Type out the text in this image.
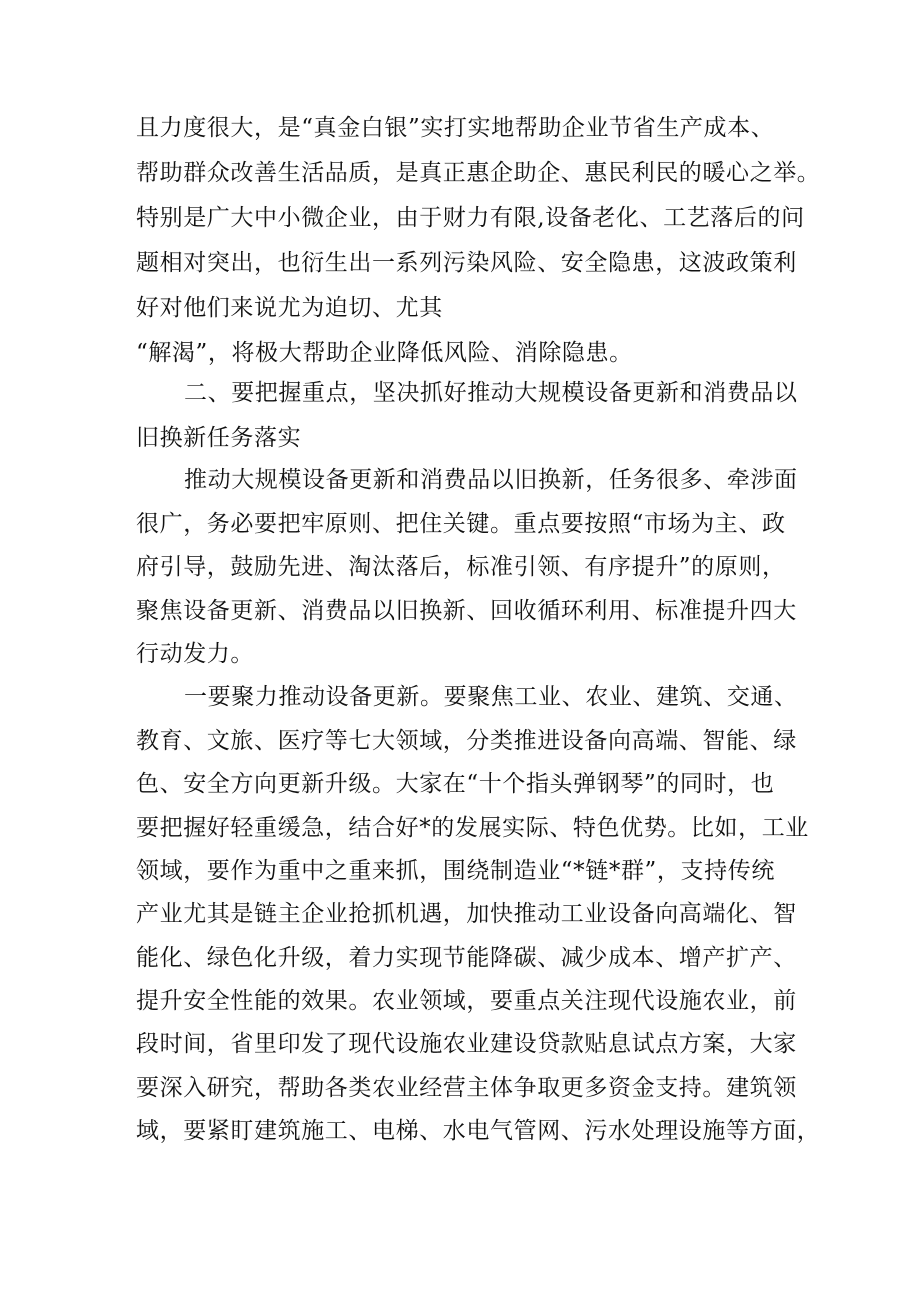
且力度很大，是“真金白银”实打实地帮助企业节省生产成本、

帮助群众改善生活品质，是真正惠企助企、惠民利民的暖心之举。

特别是广大中小微企业，由于财力有限,设备老化、工艺落后的问

题相对突出，也衍生出一系列污染风险、安全隐患，这波政策利

好对他们来说尤为迫切、尤其

“解渴”，将极大帮助企业降低风险、消除隐患。

二、要把握重点，坚决抓好推动大规模设备更新和消费品以

旧换新任务落实

推动大规模设备更新和消费品以旧换新，任务很多、牵涉面

很广，务必要把牢原则、把住关键。重点要按照“市场为主、政

府引导，鼓励先进、淘汰落后，标准引领、有序提升”的原则，

聚焦设备更新、消费品以旧换新、回收循环利用、标准提升四大

行动发力。

一要聚力推动设备更新。要聚焦工业、农业、建筑、交通、

教育、文旅、医疗等七大领域，分类推进设备向高端、智能、绿

色、安全方向更新升级。大家在“十个指头弹钢琴”的同时，也

要把握好轻重缓急，结合好*的发展实际、特色优势。比如，工业

领域，要作为重中之重来抓，围绕制造业“*链*群”，支持传统

产业尤其是链主企业抢抓机遇，加快推动工业设备向高端化、智

能化、绿色化升级，着力实现节能降碳、减少成本、增产扩产、

提升安全性能的效果。农业领域，要重点关注现代设施农业，前

段时间，省里印发了现代设施农业建设贷款贴息试点方案，大家

要深入研究，帮助各类农业经营主体争取更多资金支持。建筑领

域，要紧盯建筑施工、电梯、水电气管网、污水处理设施等方面，
